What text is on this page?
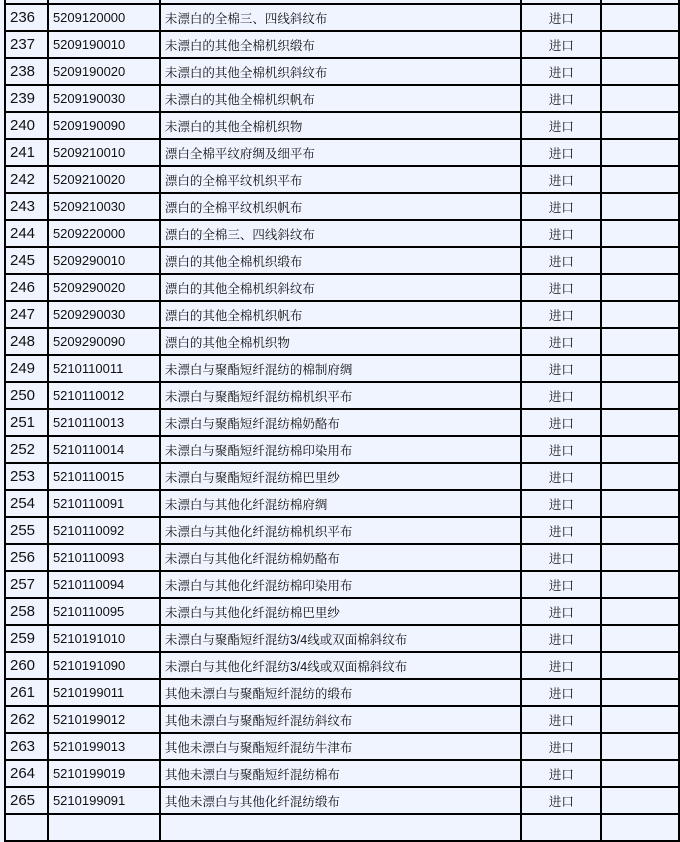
236	5209120000	未漂白的全棉三、四线斜纹布	进口	
237	5209190010	未漂白的其他全棉机织缎布	进口	
238	5209190020	未漂白的其他全棉机织斜纹布	进口	
239	5209190030	未漂白的其他全棉机织帆布	进口	
240	5209190090	未漂白的其他全棉机织物	进口	
241	5209210010	漂白全棉平纹府绸及细平布	进口	
242	5209210020	漂白的全棉平纹机织平布	进口	
243	5209210030	漂白的全棉平纹机织帆布	进口	
244	5209220000	漂白的全棉三、四线斜纹布	进口	
245	5209290010	漂白的其他全棉机织缎布	进口	
246	5209290020	漂白的其他全棉机织斜纹布	进口	
247	5209290030	漂白的其他全棉机织帆布	进口	
248	5209290090	漂白的其他全棉机织物	进口	
249	5210110011	未漂白与聚酯短纤混纺的棉制府绸	进口	
250	5210110012	未漂白与聚酯短纤混纺棉机织平布	进口	
251	5210110013	未漂白与聚酯短纤混纺棉奶酪布	进口	
252	5210110014	未漂白与聚酯短纤混纺棉印染用布	进口	
253	5210110015	未漂白与聚酯短纤混纺棉巴里纱	进口	
254	5210110091	未漂白与其他化纤混纺棉府绸	进口	
255	5210110092	未漂白与其他化纤混纺棉机织平布	进口	
256	5210110093	未漂白与其他化纤混纺棉奶酪布	进口	
257	5210110094	未漂白与其他化纤混纺棉印染用布	进口	
258	5210110095	未漂白与其他化纤混纺棉巴里纱	进口	
259	5210191010	未漂白与聚酯短纤混纺3/4线或双面棉斜纹布	进口	
260	5210191090	未漂白与其他化纤混纺3/4线或双面棉斜纹布	进口	
261	5210199011	其他未漂白与聚酯短纤混纺的缎布	进口	
262	5210199012	其他未漂白与聚酯短纤混纺斜纹布	进口	
263	5210199013	其他未漂白与聚酯短纤混纺牛津布	进口	
264	5210199019	其他未漂白与聚酯短纤混纺棉布	进口	
265	5210199091	其他未漂白与其他化纤混纺缎布	进口	
